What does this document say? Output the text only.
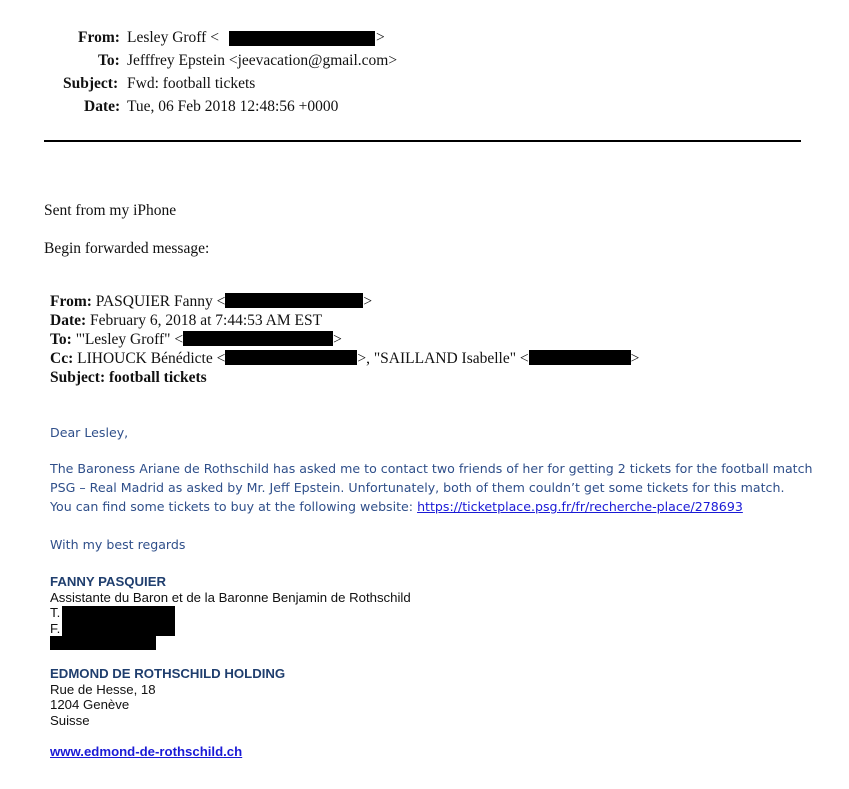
From: Lesley Groff <	>
To: Jefffrey Epstein <jeevacation@gmail.com>
Subject: Fwd: football tickets
Date: Tue, 06 Feb 2018 12:48:56 +0000
Sent from my iPhone
Begin forwarded message:
From: PASQUIER Fanny <	>
Date: February 6, 2018 at 7:44:53 AM EST
To: "'Lesley Groff" <	>
Cc: LIHOUCK Bénédicte <	>, "SAILLAND Isabelle" <	>
Subject: football tickets
Dear Lesley,
The Baroness Ariane de Rothschild has asked me to contact two friends of her for getting 2 tickets for the football match
PSG – Real Madrid as asked by Mr. Jeff Epstein. Unfortunately, both of them couldn’t get some tickets for this match.
You can find some tickets to buy at the following website: https://ticketplace.psg.fr/fr/recherche-place/278693
With my best regards
FANNY PASQUIER
Assistante du Baron et de la Baronne Benjamin de Rothschild
T.
F.
EDMOND DE ROTHSCHILD HOLDING
Rue de Hesse, 18
1204 Genève
Suisse
www.edmond-de-rothschild.ch
